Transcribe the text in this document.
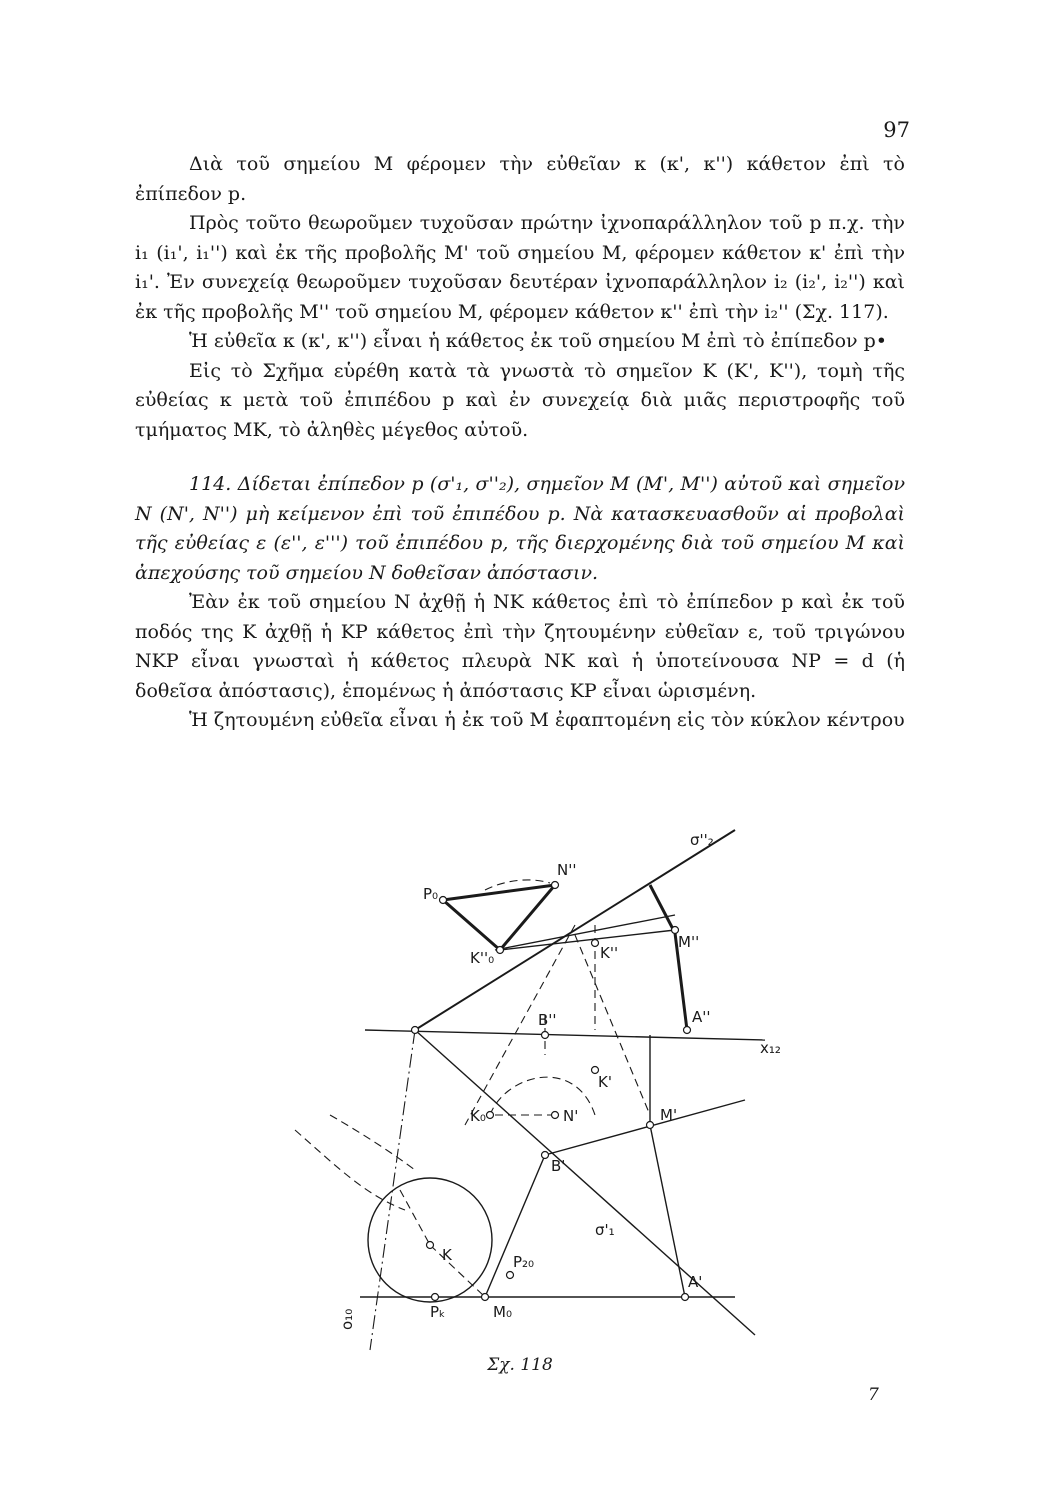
97

Διὰ τοῦ σημείου Μ φέρομεν τὴν εὐθεῖαν κ (κ', κ'') κάθετον ἐπὶ τὸ ἐπίπεδον p.

Πρὸς τοῦτο θεωροῦμεν τυχοῦσαν πρώτην ἰχνοπαράλληλον τοῦ p π.χ. τὴν i₁ (i₁', i₁'') καὶ ἐκ τῆς προβολῆς Μ' τοῦ σημείου Μ, φέρομεν κάθετον κ' ἐπὶ τὴν i₁'. Ἐν συνεχείᾳ θεωροῦμεν τυχοῦσαν δευτέραν ἰχνοπαράλληλον i₂ (i₂', i₂'') καὶ ἐκ τῆς προβολῆς Μ'' τοῦ σημείου Μ, φέρομεν κάθετον κ'' ἐπὶ τὴν i₂'' (Σχ. 117).

Ἡ εὐθεῖα κ (κ', κ'') εἶναι ἡ κάθετος ἐκ τοῦ σημείου Μ ἐπὶ τὸ ἐπίπεδον p•

Εἰς τὸ Σχῆμα εὑρέθη κατὰ τὰ γνωστὰ τὸ σημεῖον Κ (Κ', Κ''), τομὴ τῆς εὐθείας κ μετὰ τοῦ ἐπιπέδου p καὶ ἐν συνεχείᾳ διὰ μιᾶς περιστροφῆς τοῦ τμήματος ΜΚ, τὸ ἀληθὲς μέγεθος αὐτοῦ.

114. Δίδεται ἐπίπεδον p (σ'₁, σ''₂), σημεῖον Μ (Μ', Μ'') αὐτοῦ καὶ σημεῖον Ν (Ν', Ν'') μὴ κείμενον ἐπὶ τοῦ ἐπιπέδου p. Νὰ κατασκευασθοῦν αἱ προβολαὶ τῆς εὐθείας ε (ε'', ε''') τοῦ ἐπιπέδου p, τῆς διερχομένης διὰ τοῦ σημείου Μ καὶ ἀπεχούσης τοῦ σημείου Ν δοθεῖσαν ἀπόστασιν.

Ἐὰν ἐκ τοῦ σημείου Ν ἀχθῇ ἡ ΝΚ κάθετος ἐπὶ τὸ ἐπίπεδον p καὶ ἐκ τοῦ ποδός της Κ ἀχθῇ ἡ ΚΡ κάθετος ἐπὶ τὴν ζητουμένην εὐθεῖαν ε, τοῦ τριγώνου ΝΚΡ εἶναι γνωσταὶ ἡ κάθετος πλευρὰ ΝΚ καὶ ἡ ὑποτείνουσα ΝΡ = d (ἡ δοθεῖσα ἀπόστασις), ἑπομένως ἡ ἀπόστασις ΚΡ εἶναι ὡρισμένη.

Ἡ ζητουμένη εὐθεῖα εἶναι ἡ ἐκ τοῦ Μ ἐφαπτομένη εἰς τὸν κύκλον κέντρου

σ''₂
N''
P₀
K''₀	K''
M''
B''	A''
x₁₂
K'
M'
K₀	N'
B'
K
σ'₁
P₂₀
A'
o₁₀	Pₖ	M₀
Σχ. 118
7
